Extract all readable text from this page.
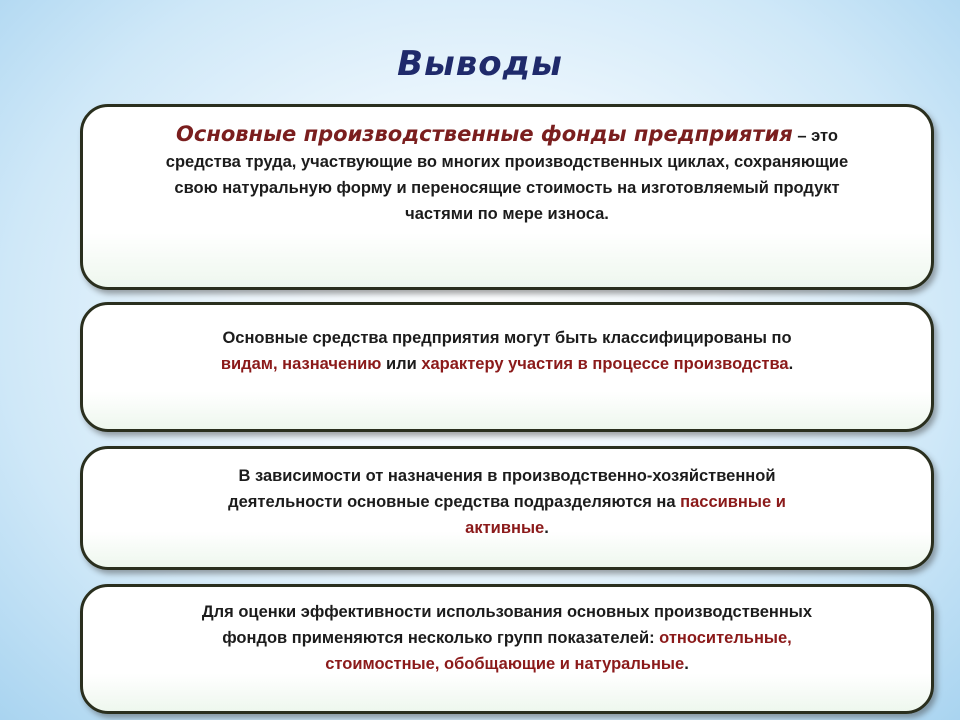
Выводы
Основные производственные фонды предприятия – это
средства труда, участвующие во многих производственных циклах, сохраняющие
свою натуральную форму и переносящие стоимость на изготовляемый продукт
частями по мере износа.
Основные средства предприятия могут быть классифицированы по
видам, назначению или характеру участия в процессе производства.
В зависимости от назначения в производственно-хозяйственной
деятельности основные средства подразделяются на пассивные и
активные.
Для оценки эффективности использования основных производственных
фондов применяются несколько групп показателей: относительные,
стоимостные, обобщающие и натуральные.
